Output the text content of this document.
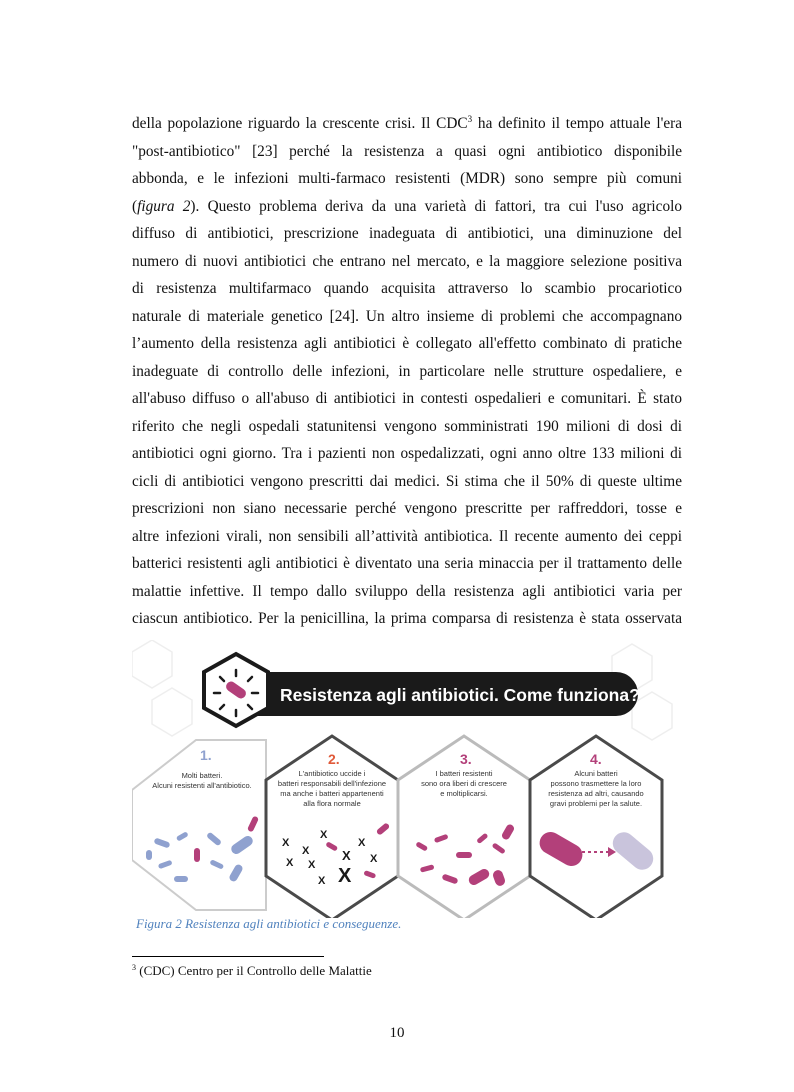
della popolazione riguardo la crescente crisi. Il CDC$^3$ ha definito il tempo attuale l'era
"post-antibiotico" [23] perché la resistenza a quasi ogni antibiotico disponibile
abbonda, e le infezioni multi-farmaco resistenti (MDR) sono sempre più comuni
(figura 2). Questo problema deriva da una varietà di fattori, tra cui l'uso agricolo
diffuso di antibiotici, prescrizione inadeguata di antibiotici, una diminuzione del
numero di nuovi antibiotici che entrano nel mercato, e la maggiore selezione positiva
di resistenza multifarmaco quando acquisita attraverso lo scambio procariotico
naturale di materiale genetico [24]. Un altro insieme di problemi che accompagnano
l’aumento della resistenza agli antibiotici è collegato all'effetto combinato di pratiche
inadeguate di controllo delle infezioni, in particolare nelle strutture ospedaliere, e
all'abuso diffuso o all'abuso di antibiotici in contesti ospedalieri e comunitari. È stato
riferito che negli ospedali statunitensi vengono somministrati 190 milioni di dosi di
antibiotici ogni giorno. Tra i pazienti non ospedalizzati, ogni anno oltre 133 milioni di
cicli di antibiotici vengono prescritti dai medici. Si stima che il 50% di queste ultime
prescrizioni non siano necessarie perché vengono prescritte per raffreddori, tosse e
altre infezioni virali, non sensibili all’attività antibiotica. Il recente aumento dei ceppi
batterici resistenti agli antibiotici è diventato una seria minaccia per il trattamento delle
malattie infettive. Il tempo dallo sviluppo della resistenza agli antibiotici varia per
ciascun antibiotico. Per la penicillina, la prima comparsa di resistenza è stata osservata
Resistenza agli antibiotici. Come funziona?
1.	2.	3.	4.
Molti batteri.
Alcuni resistenti all'antibiotico.
L'antibiotico uccide i
batteri responsabili dell'infezione
ma anche i batteri appartenenti
alla flora normale
I batteri resistenti
sono ora liberi di crescere
e moltiplicarsi.
Alcuni batteri
possono trasmettere la loro
resistenza ad altri, causando
gravi problemi per la salute.
X
X
X
X X
X
X
X
X X
Figura 2 Resistenza agli antibiotici e conseguenze.
$^3$ (CDC) Centro per il Controllo delle Malattie
10
